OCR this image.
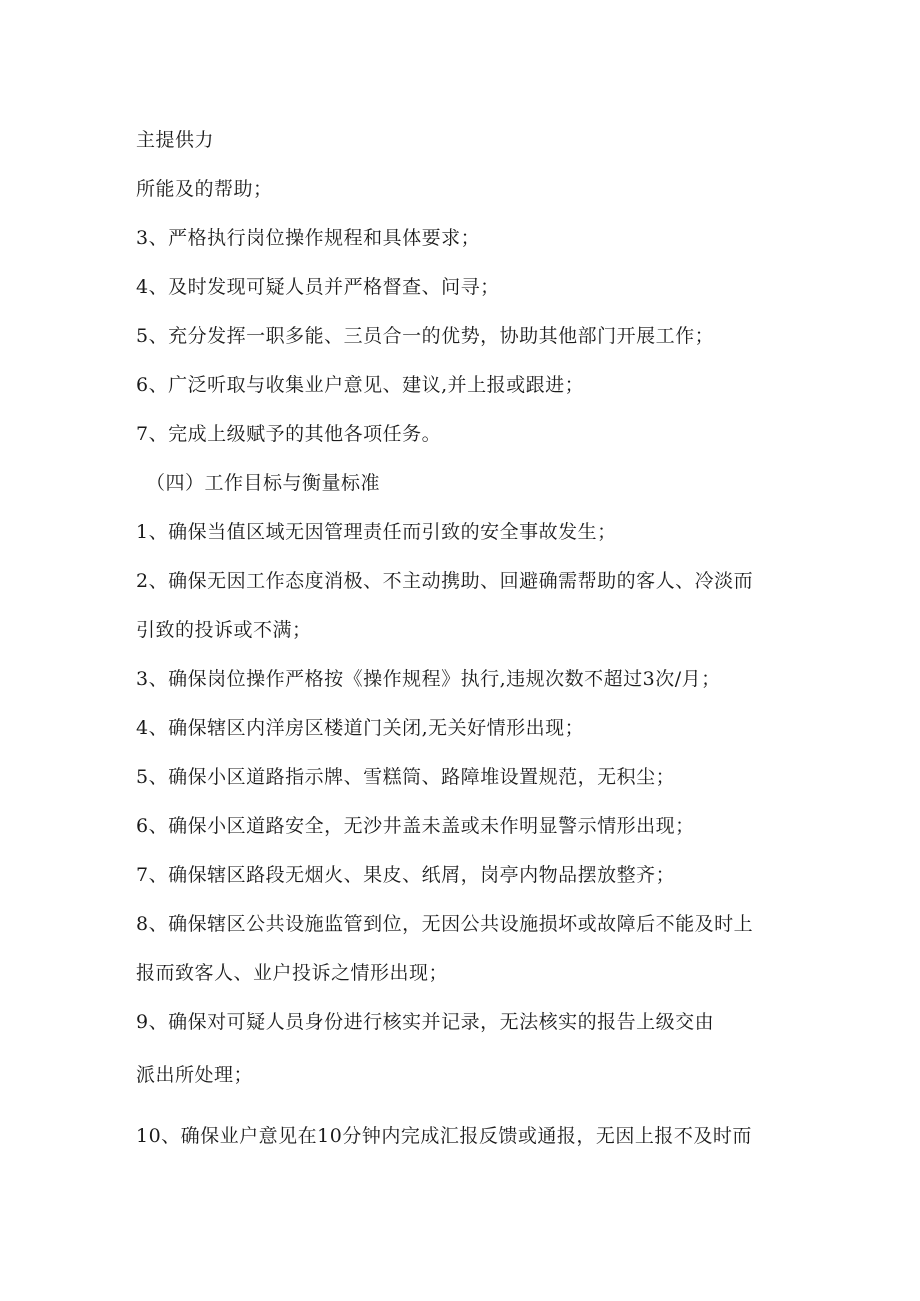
主提供力
所能及的帮助；
3、严格执行岗位操作规程和具体要求；
4、及时发现可疑人员并严格督查、问寻；
5、充分发挥一职多能、三员合一的优势，协助其他部门开展工作；
6、广泛听取与收集业户意见、建议,并上报或跟进；
7、完成上级赋予的其他各项任务。
（四）工作目标与衡量标准
1、确保当值区域无因管理责任而引致的安全事故发生；
2、确保无因工作态度消极、不主动携助、回避确需帮助的客人、冷淡而
引致的投诉或不满；
3、确保岗位操作严格按《操作规程》执行,违规次数不超过3次/月；
4、确保辖区内洋房区楼道门关闭,无关好情形出现；
5、确保小区道路指示牌、雪糕筒、路障堆设置规范，无积尘；
6、确保小区道路安全，无沙井盖未盖或未作明显警示情形出现；
7、确保辖区路段无烟火、果皮、纸屑，岗亭内物品摆放整齐；
8、确保辖区公共设施监管到位，无因公共设施损坏或故障后不能及时上
报而致客人、业户投诉之情形出现；
9、确保对可疑人员身份进行核实并记录，无法核实的报告上级交由
派出所处理；
10、确保业户意见在10分钟内完成汇报反馈或通报，无因上报不及时而
